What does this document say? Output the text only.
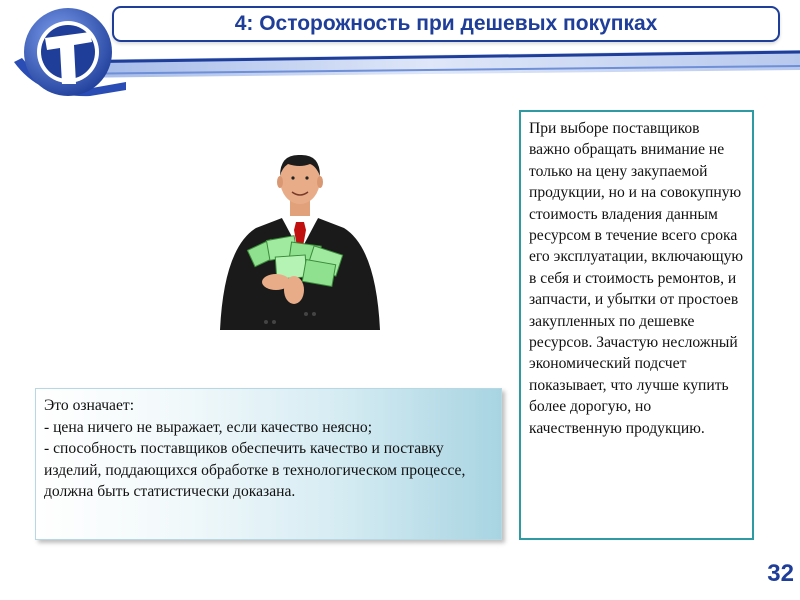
4: Осторожность при дешевых покупках

При выборе поставщиков важно обращать внимание не только на цену закупаемой продукции, но и на совокупную стоимость владения данным ресурсом в течение всего срока его эксплуатации, включающую в себя и стоимость ремонтов, и запчасти, и убытки от простоев закупленных по дешевке ресурсов. Зачастую несложный экономический подсчет показывает, что лучше купить более дорогую, но качественную продукцию.

Это означает:
- цена ничего не выражает, если качество неясно;
- способность поставщиков обеспечить качество и поставку изделий, поддающихся обработке в технологическом процессе, должна быть статистически доказана.
32
